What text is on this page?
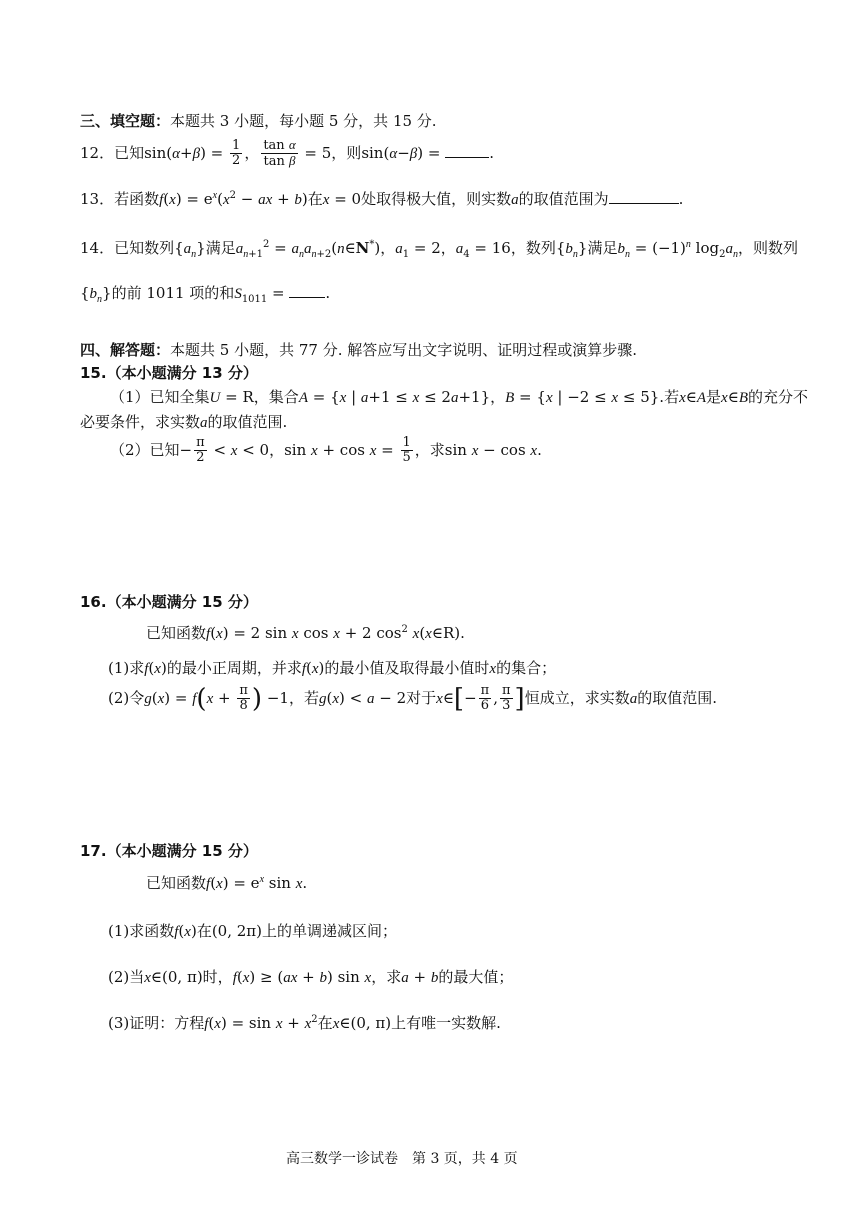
三、填空题：本题共 3 小题，每小题 5 分，共 15 分.
12．已知$\sin(\alpha+\beta) = \frac{1}{2}$ ， $\frac{\text{tan α}}{\text{tan β}} = 5$，则sin(α−β) =	.
13．若函数$f(x) = e^x(x^2$ − ax + b)在x = 0处取得极大值，则实数a的取值范围为	.
14．已知数列$\{a_n\}$满足$a_{n+1}^2$ = $a_na_{n+2}(n\in N^*)$，$a_1 = 2$，$a_4 = 16$，数列$\{b_n\}$满足$b_n = (-1)^n$ $\log_2a_n$，则数列
$\{b_n\}$的前 1011 项的和$S_{1011}$ = .
四、解答题：本题共 5 小题，共 77 分. 解答应写出文字说明、证明过程或演算步骤.
15.（本小题满分 13 分）
（1）已知全集U = R，集合A = {x | a+1 ≤ x ≤ 2a+1}，B = {x | −2 ≤ x ≤ 5}.若x∈A是x∈B的充分不
必要条件，求实数a的取值范围.
（2）已知− $\frac{\pi}{2} < x < 0$，$\sin x + \cos x = \frac{1}{5}$ ，求sin x − cos x.
16.（本小题满分 15 分）
已知函数f(x) = 2 sin x cos x + 2 $\cos^2$ x(x∈R).
(1)求f(x)的最小正周期，并求f(x)的最小值及取得最小值时x的集合；
(2)令$g(x) = f(x + \frac{\pi}{8}$ ) −1，若g(x) < a − 2对于x∈[− $\frac{\pi}{6}$ , $\frac{\pi}{3}$ ]恒成立，求实数a的取值范围.
17.（本小题满分 15 分）
已知函数$f(x) = e^x$ sin x.
(1)求函数f(x)在(0, 2π)上的单调递减区间；
(2)当x∈(0, π)时，f(x) ≥ (ax + b) sin x，求a + b的最大值；
(3)证明：方程$f(x) = \sin x + x^2$在x∈(0, π)上有唯一实数解.
高三数学一诊试卷　第 3 页，共 4 页
